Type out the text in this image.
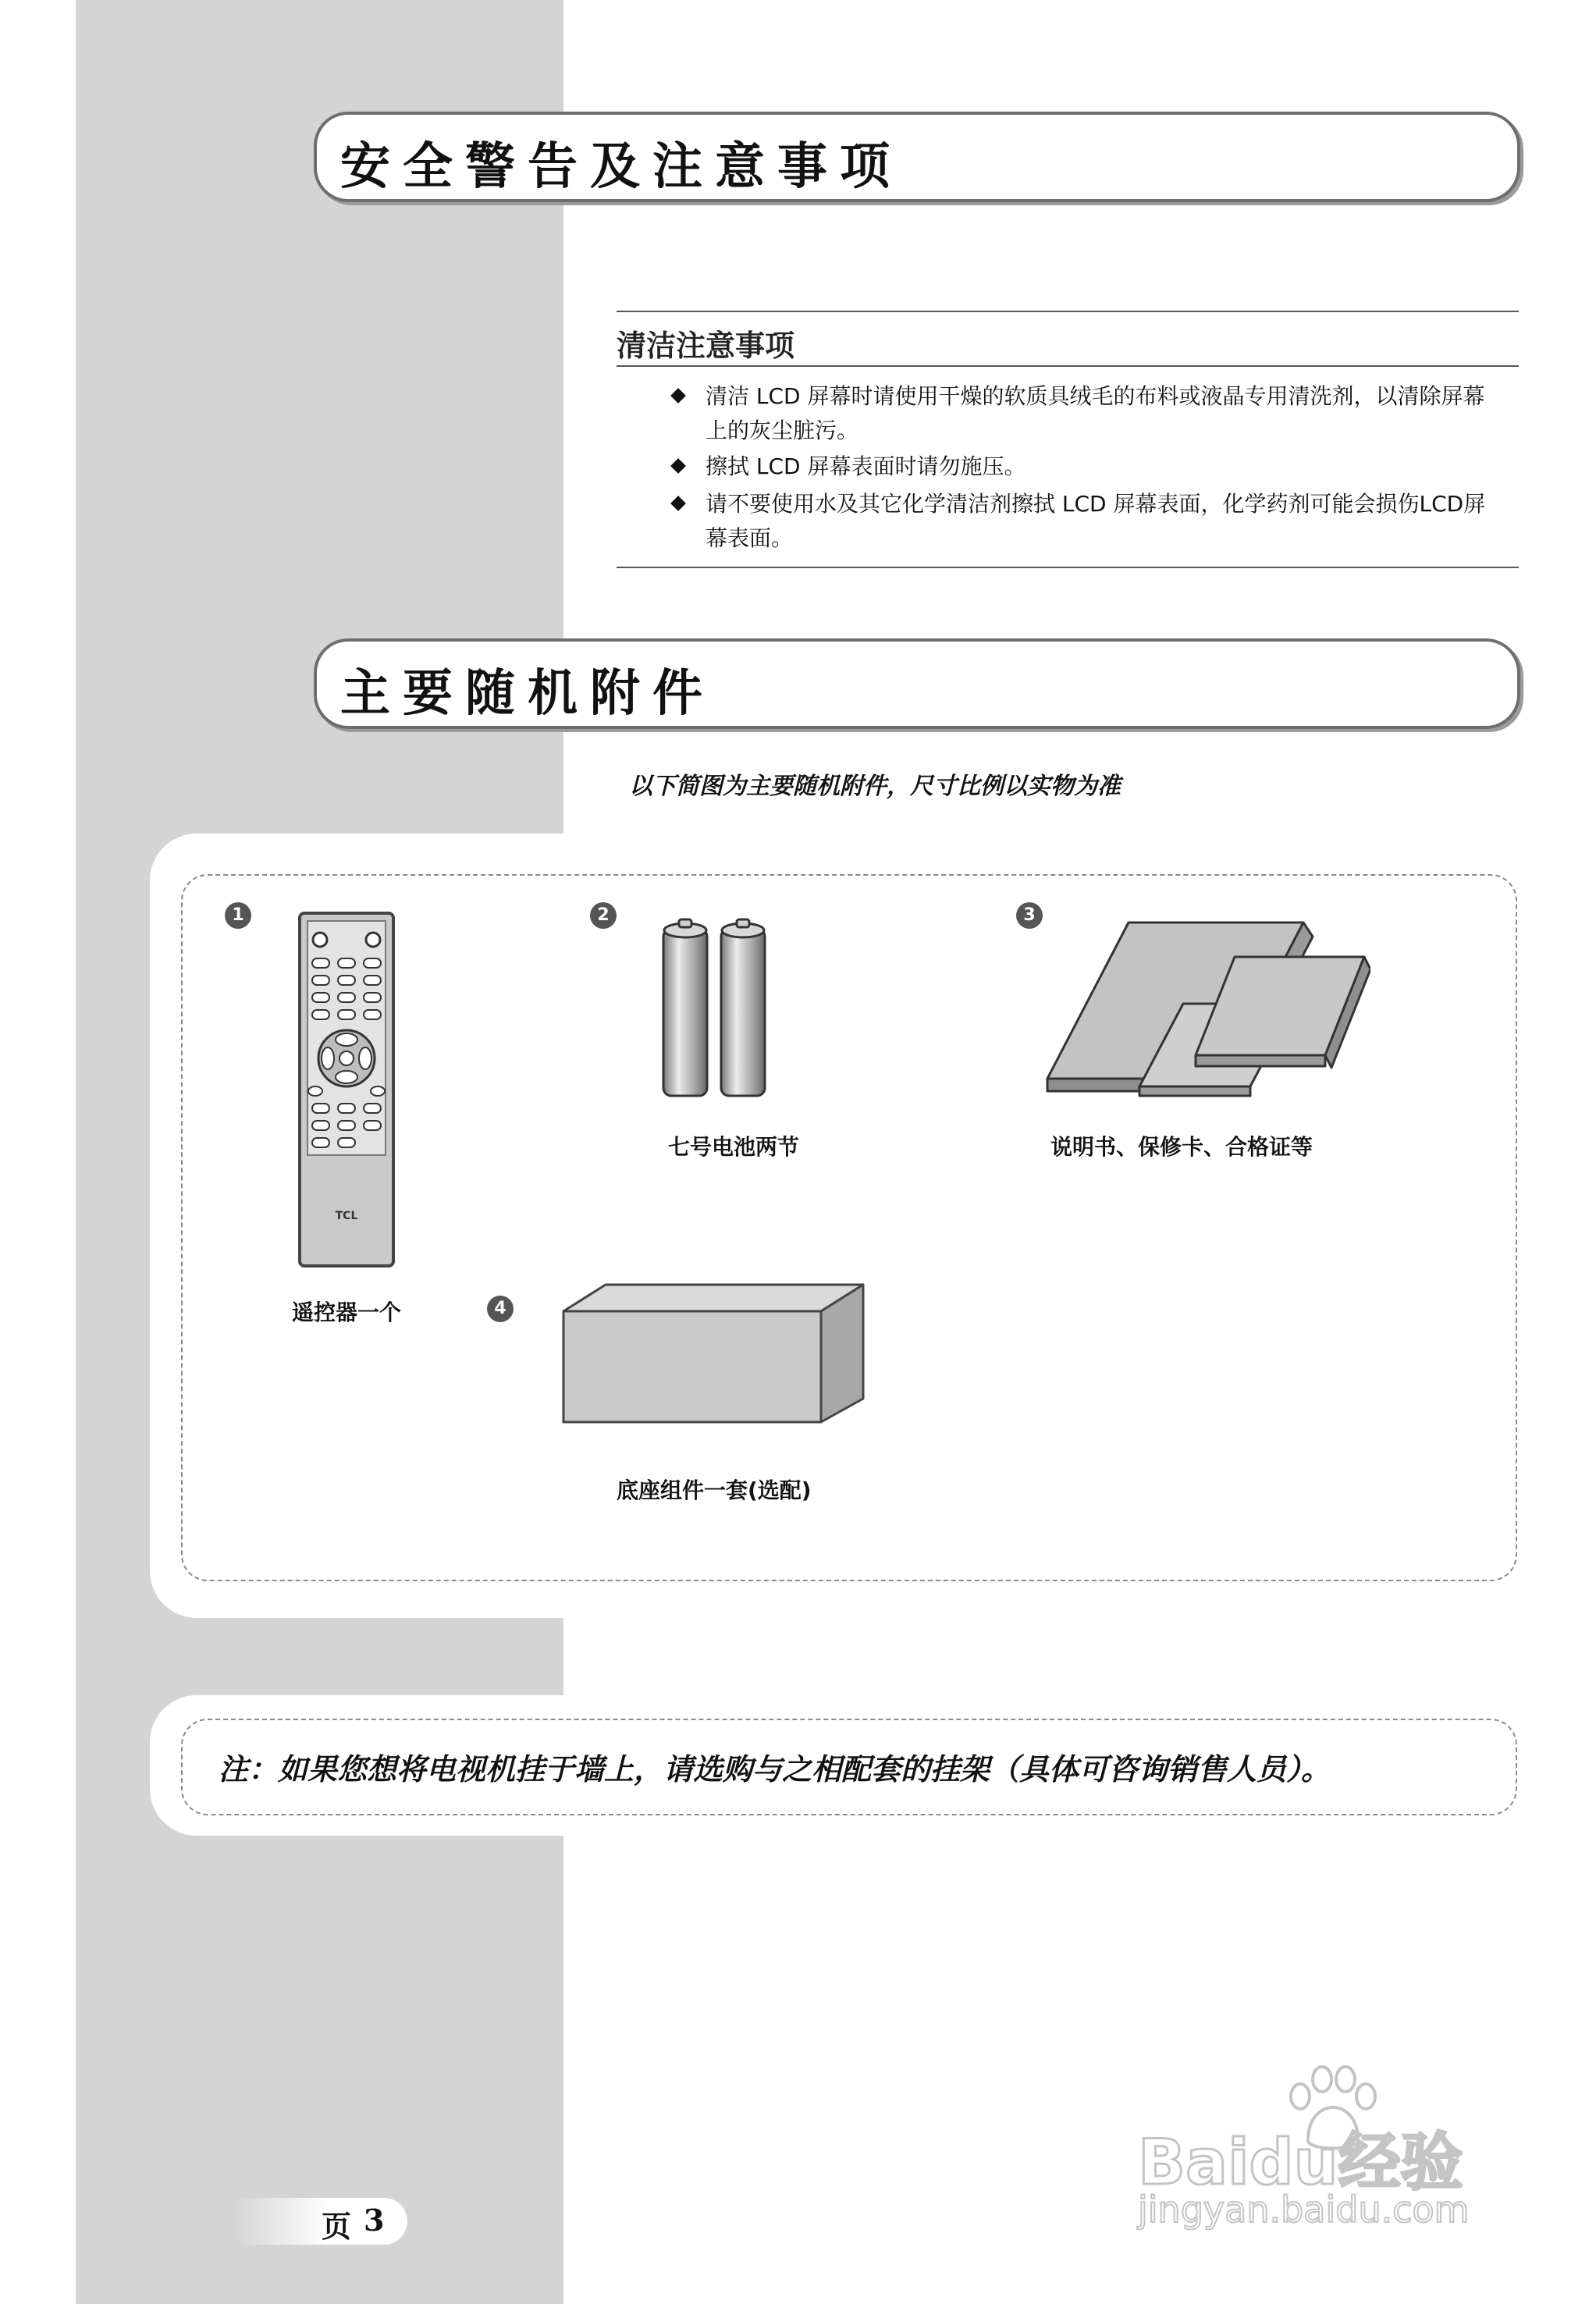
安全警告及注意事项
清洁注意事项
清洁 LCD 屏幕时请使用干燥的软质具绒毛的布料或液晶专用清洗剂，以清除屏幕
上的灰尘脏污。
擦拭 LCD 屏幕表面时请勿施压。
请不要使用水及其它化学清洁剂擦拭 LCD 屏幕表面，化学药剂可能会损伤LCD屏
幕表面。
主要随机附件
以下简图为主要随机附件，尺寸比例以实物为准
1
TCL
遥控器一个
2
七号电池两节
3
说明书、保修卡、合格证等
4
底座组件一套(选配)
注：如果您想将电视机挂于墙上，请选购与之相配套的挂架（具体可咨询销售人员）。
页 3
Baidu经验
jingyan.baidu.com
